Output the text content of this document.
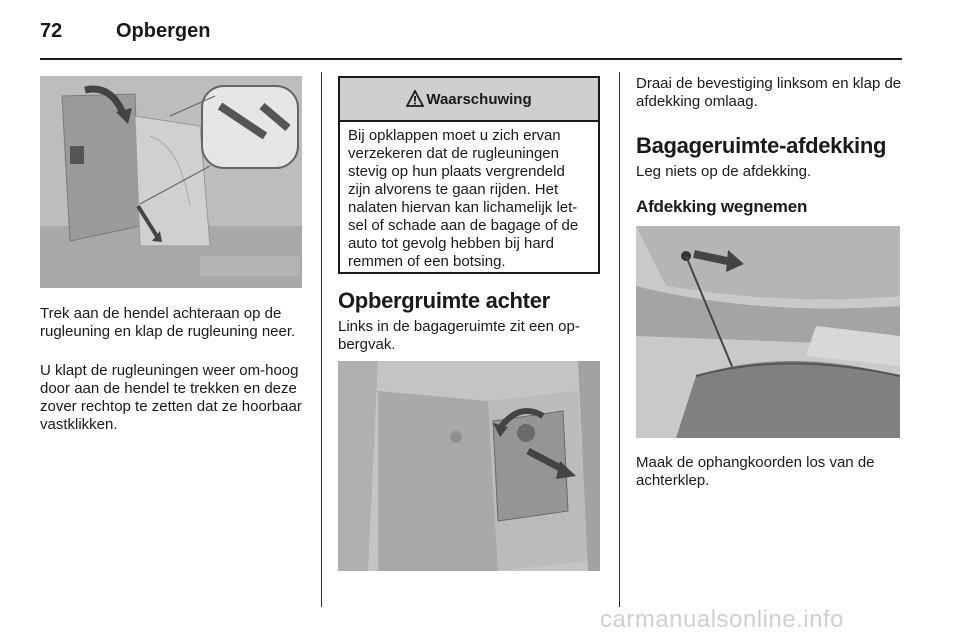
72	Opbergen

Trek aan de hendel achteraan op de rugleuning en klap de rugleuning neer.

U klapt de rugleuningen weer om-hoog door aan de hendel te trekken en deze zover rechtop te zetten dat ze hoorbaar vastklikken.

Waarschuwing
Bij opklappen moet u zich ervan verzekeren dat de rugleuningen stevig op hun plaats vergrendeld zijn alvorens te gaan rijden. Het nalaten hiervan kan lichamelijk let-sel of schade aan de bagage of de auto tot gevolg hebben bij hard remmen of een botsing.
Opbergruimte achter

Links in de bagageruimte zit een op-bergvak.

Draai de bevestiging linksom en klap de afdekking omlaag.

Bagageruimte-afdekking

Leg niets op de afdekking.

Afdekking wegnemen

Maak de ophangkoorden los van de achterklep.

carmanualsonline.info
